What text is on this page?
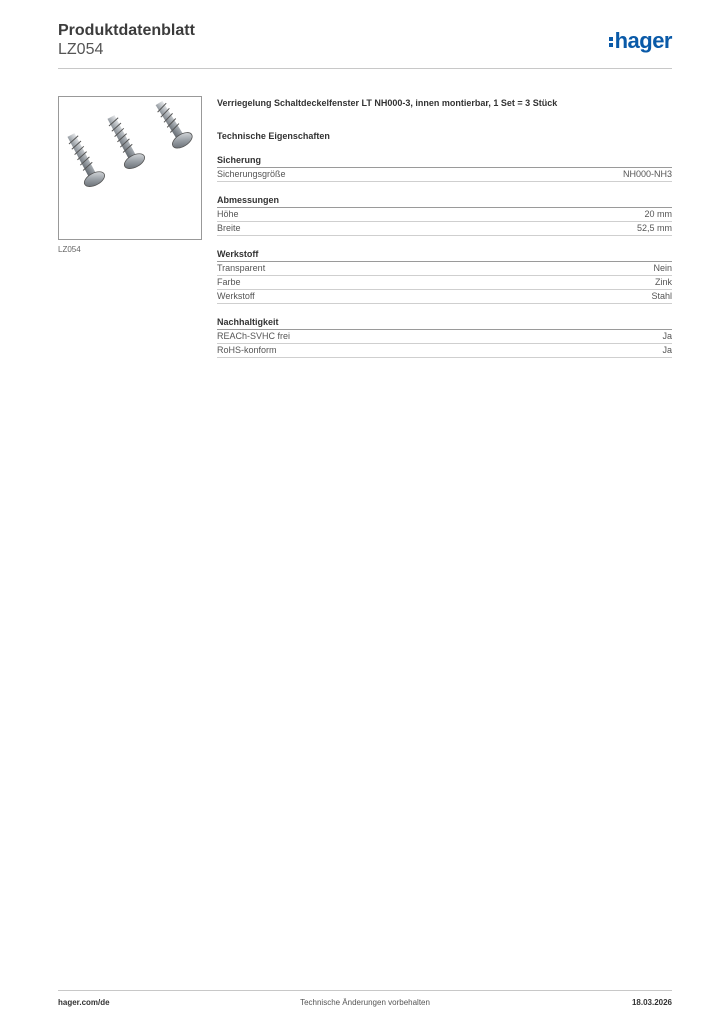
Produktdatenblatt
LZ054	hager
LZ054
Verriegelung Schaltdeckelfenster LT NH000-3, innen montierbar, 1 Set = 3 Stück
Technische Eigenschaften
Sicherung
Sicherungsgröße	NH000-NH3
Abmessungen
Höhe	20 mm
Breite	52,5 mm
Werkstoff
Transparent	Nein
Farbe	Zink
Werkstoff	Stahl
Nachhaltigkeit
REACh-SVHC frei	Ja
RoHS-konform	Ja
hager.com/de	Technische Änderungen vorbehalten	18.03.2026
